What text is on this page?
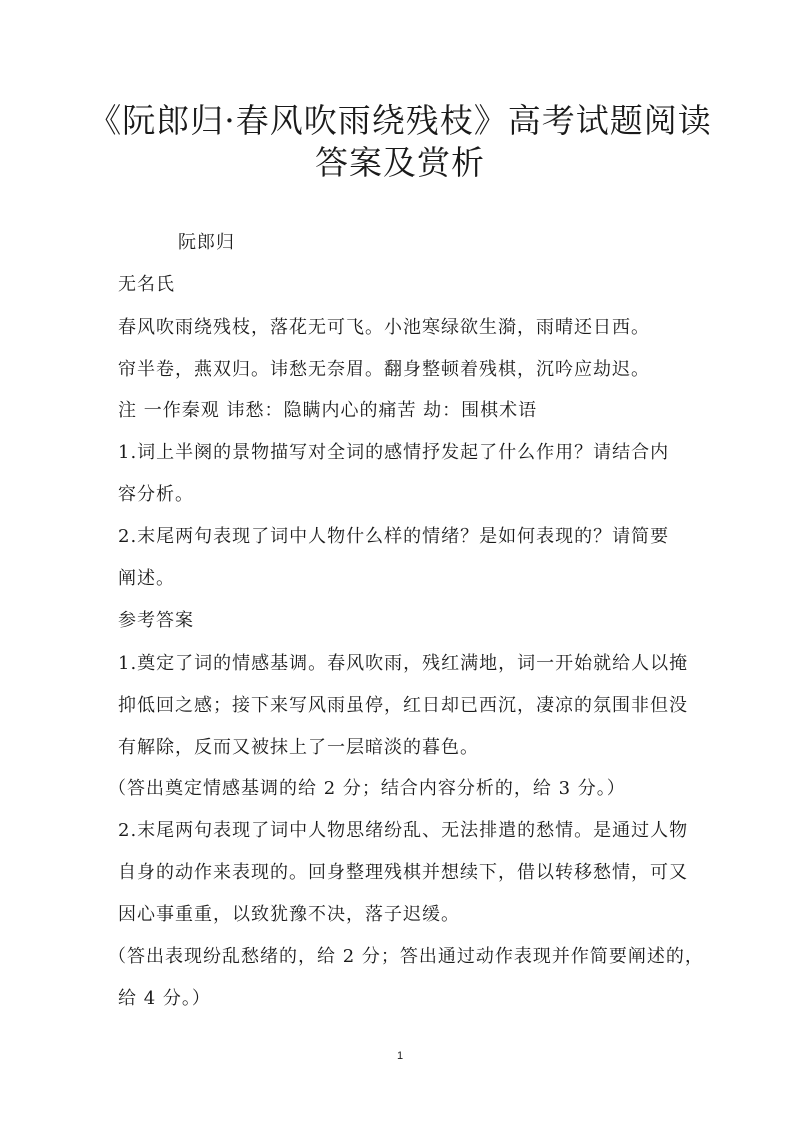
《阮郎归·春风吹雨绕残枝》高考试题阅读
答案及赏析
阮郎归
无名氏
春风吹雨绕残枝，落花无可飞。小池寒绿欲生漪，雨晴还日西。
帘半卷，燕双归。讳愁无奈眉。翻身整顿着残棋，沉吟应劫迟。
注 一作秦观 讳愁：隐瞒内心的痛苦 劫：围棋术语
1.词上半阕的景物描写对全词的感情抒发起了什么作用？请结合内
容分析。
2.末尾两句表现了词中人物什么样的情绪？是如何表现的？请简要
阐述。
参考答案
1.奠定了词的情感基调。春风吹雨，残红满地，词一开始就给人以掩
抑低回之感；接下来写风雨虽停，红日却已西沉，凄凉的氛围非但没
有解除，反而又被抹上了一层暗淡的暮色。
（答出奠定情感基调的给 2 分；结合内容分析的，给 3 分。）
2.末尾两句表现了词中人物思绪纷乱、无法排遣的愁情。是通过人物
自身的动作来表现的。回身整理残棋并想续下，借以转移愁情，可又
因心事重重，以致犹豫不决，落子迟缓。
（答出表现纷乱愁绪的，给 2 分；答出通过动作表现并作简要阐述的，
给 4 分。）
1
